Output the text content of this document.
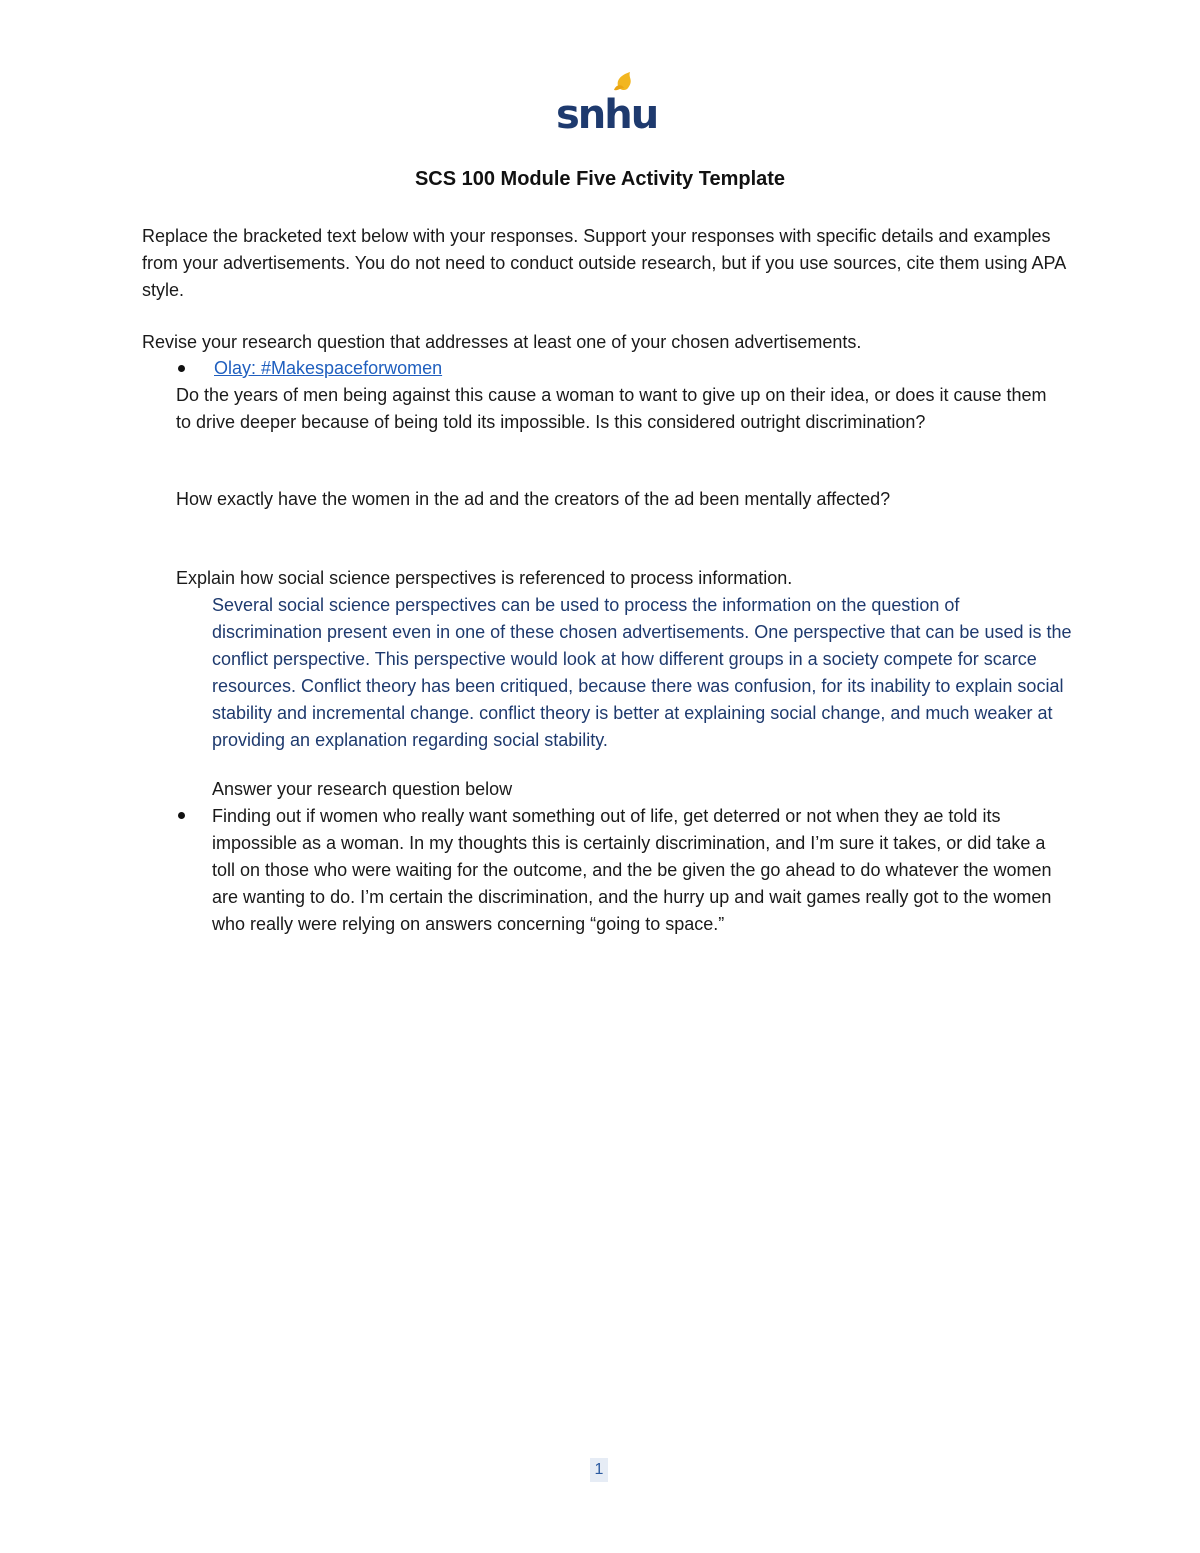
snhu
SCS 100 Module Five Activity Template

Replace the bracketed text below with your responses. Support your responses with specific details and examples from your advertisements. You do not need to conduct outside research, but if you use sources, cite them using APA style.

Revise your research question that addresses at least one of your chosen advertisements.

Olay: #Makespaceforwomen

Do the years of men being against this cause a woman to want to give up on their idea, or does it cause them to drive deeper because of being told its impossible. Is this considered outright discrimination?

How exactly have the women in the ad and the creators of the ad been mentally affected?

Explain how social science perspectives is referenced to process information.

Several social science perspectives can be used to process the information on the question of discrimination present even in one of these chosen advertisements. One perspective that can be used is the conflict perspective. This perspective would look at how different groups in a society compete for scarce resources. Conflict theory has been critiqued, because there was confusion, for its inability to explain social stability and incremental change. conflict theory is better at explaining social change, and much weaker at providing an explanation regarding social stability.

Answer your research question below

Finding out if women who really want something out of life, get deterred or not when they ae told its impossible as a woman. In my thoughts this is certainly discrimination, and I’m sure it takes, or did take a toll on those who were waiting for the outcome, and the be given the go ahead to do whatever the women are wanting to do. I’m certain the discrimination, and the hurry up and wait games really got to the women who really were relying on answers concerning “going to space.”

1
